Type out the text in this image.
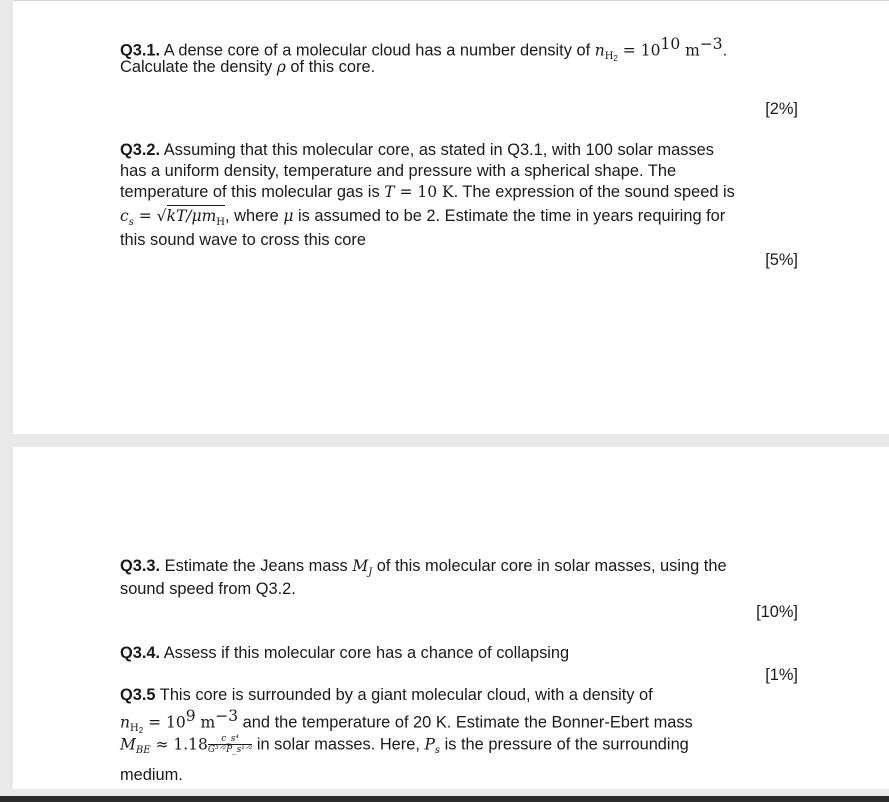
Q3.1. A dense core of a molecular cloud has a number density of $n_{H_2} = 10^{10}$ $m^{-3}$.
Calculate the density ρ of this core.
[2%]
Q3.2. Assuming that this molecular core, as stated in Q3.1, with 100 solar masses
has a uniform density, temperature and pressure with a spherical shape. The
temperature of this molecular gas is T = 10 K. The expression of the sound speed is
$c_s = √kT/\mu m_H$, where μ is assumed to be 2. Estimate the time in years requiring for
this sound wave to cross this core
[5%]
Q3.3. Estimate the Jeans mass $M_J$ of this molecular core in solar masses, using the
sound speed from Q3.2.
[10%]
Q3.4. Assess if this molecular core has a chance of collapsing
[1%]
Q3.5 This core is surrounded by a giant molecular cloud, with a density of
$n_{H_2} = 10^9$ $m^{-3}$ and the temperature of 20 K. Estimate the Bonner-Ebert mass
$M_{BE} \approx 1.18 \frac{\text{c\_s⁴}}{\text{G³ᐟ²P\_s¹ᐟ²}}$ in solar masses. Here, $P_s$ is the pressure of the surrounding
medium.
